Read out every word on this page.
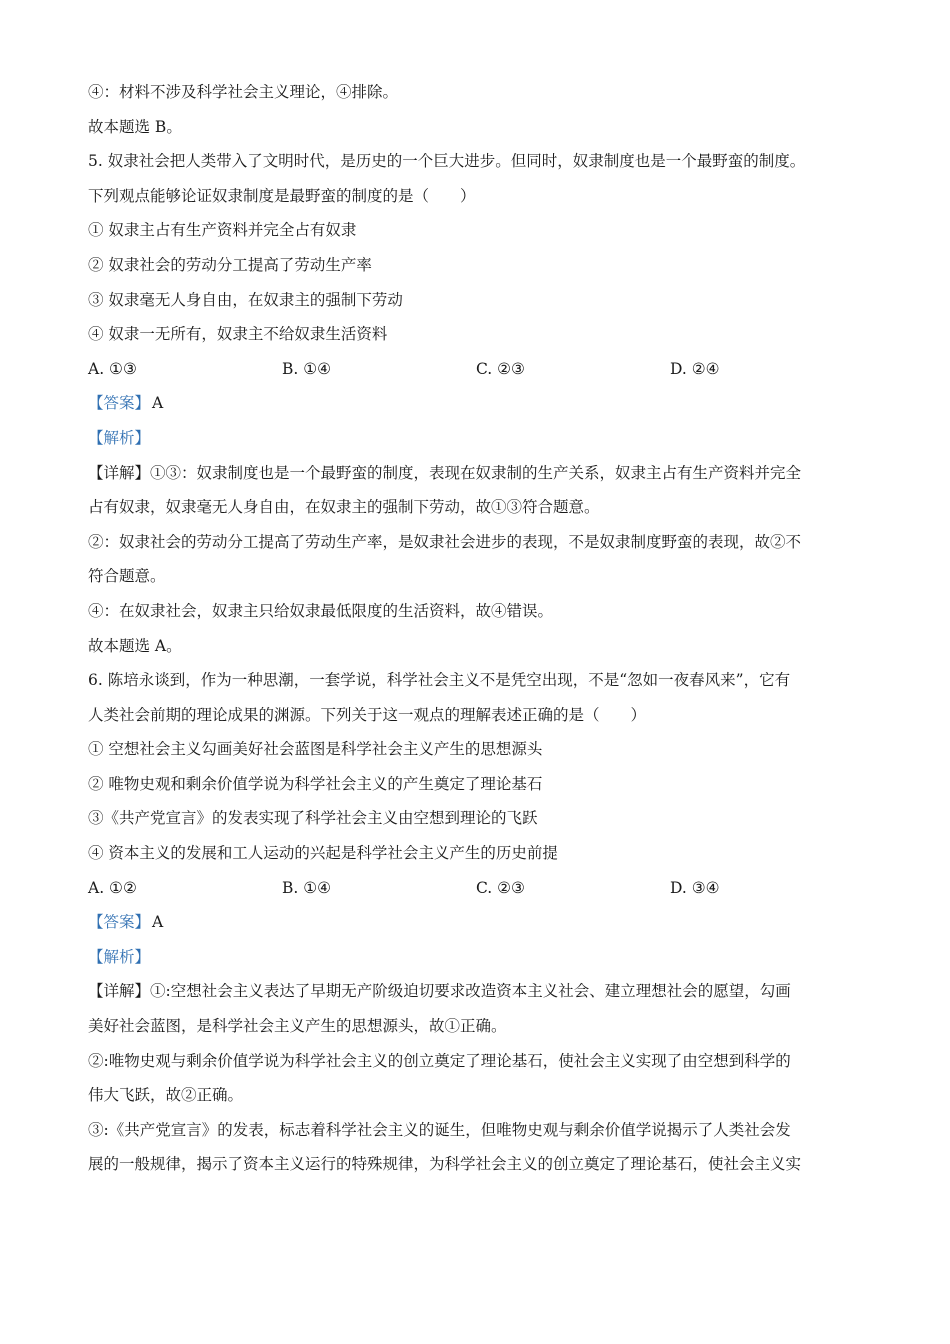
④：材料不涉及科学社会主义理论，④排除。
故本题选 B。
5. 奴隶社会把人类带入了文明时代，是历史的一个巨大进步。但同时，奴隶制度也是一个最野蛮的制度。
下列观点能够论证奴隶制度是最野蛮的制度的是（　　）
① 奴隶主占有生产资料并完全占有奴隶
② 奴隶社会的劳动分工提高了劳动生产率
③ 奴隶毫无人身自由，在奴隶主的强制下劳动
④ 奴隶一无所有，奴隶主不给奴隶生活资料
A. ①③	B. ①④	C. ②③	D. ②④
【答案】 A
【解析】
【详解】①③：奴隶制度也是一个最野蛮的制度，表现在奴隶制的生产关系，奴隶主占有生产资料并完全
占有奴隶，奴隶毫无人身自由，在奴隶主的强制下劳动，故①③符合题意。
②：奴隶社会的劳动分工提高了劳动生产率，是奴隶社会进步的表现，不是奴隶制度野蛮的表现，故②不
符合题意。
④：在奴隶社会，奴隶主只给奴隶最低限度的生活资料，故④错误。
故本题选 A。
6. 陈培永谈到，作为一种思潮，一套学说，科学社会主义不是凭空出现，不是“忽如一夜春风来”，它有
人类社会前期的理论成果的渊源。下列关于这一观点的理解表述正确的是（　　）
① 空想社会主义勾画美好社会蓝图是科学社会主义产生的思想源头
② 唯物史观和剩余价值学说为科学社会主义的产生奠定了理论基石
③《共产党宣言》的发表实现了科学社会主义由空想到理论的飞跃
④ 资本主义的发展和工人运动的兴起是科学社会主义产生的历史前提
A. ①②	B. ①④	C. ②③	D. ③④
【答案】 A
【解析】
【详解】①:空想社会主义表达了早期无产阶级迫切要求改造资本主义社会、建立理想社会的愿望，勾画
美好社会蓝图，是科学社会主义产生的思想源头，故①正确。
②:唯物史观与剩余价值学说为科学社会主义的创立奠定了理论基石，使社会主义实现了由空想到科学的
伟大飞跃，故②正确。
③:《共产党宣言》的发表，标志着科学社会主义的诞生，但唯物史观与剩余价值学说揭示了人类社会发
展的一般规律，揭示了资本主义运行的特殊规律，为科学社会主义的创立奠定了理论基石，使社会主义实
